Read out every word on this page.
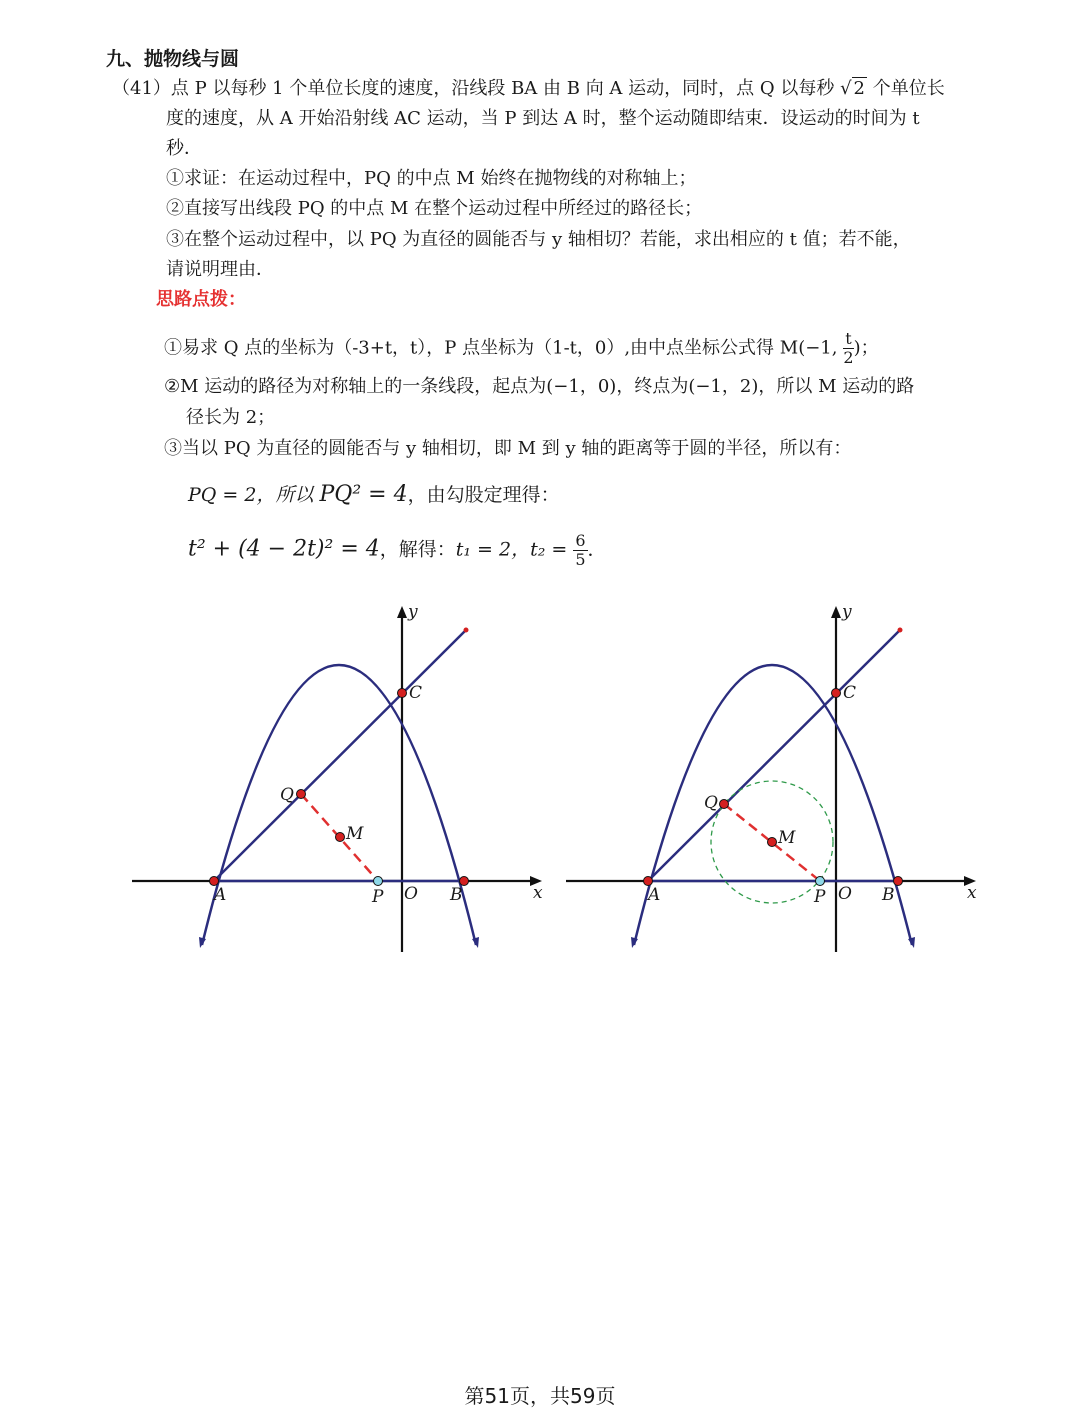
九、抛物线与圆
（41）点 P 以每秒 1 个单位长度的速度，沿线段 BA 由 B 向 A 运动，同时，点 Q 以每秒 √ 2 个单位长
度的速度，从 A 开始沿射线 AC 运动，当 P 到达 A 时，整个运动随即结束．设运动的时间为 t
秒．
①求证：在运动过程中，PQ 的中点 M 始终在抛物线的对称轴上；
②直接写出线段 PQ 的中点 M 在整个运动过程中所经过的路径长；
③在整个运动过程中，以 PQ 为直径的圆能否与 y 轴相切？若能，求出相应的 t 值；若不能，
请说明理由．
思路点拨：
①易求 Q 点的坐标为（-3+t，t），P 点坐标为（1-t，0）,由中点坐标公式得 M(−1, $\frac{t}{2}$ )；
②M 运动的路径为对称轴上的一条线段，起点为(−1，0)，终点为(−1，2)，所以 M 运动的路
径长为 2；
③当以 PQ 为直径的圆能否与 y 轴相切，即 M 到 y 轴的距离等于圆的半径，所以有：
PQ = 2，所以 PQ² = 4，由勾股定理得：
t² + (4 − 2t)² = 4，解得：t₁ = 2，$t_2 = \frac{6}{5}$ ．
y
x
C
Q
M
A	P O B
y
x
C
Q
M
A	P O B
第51页，共59页
